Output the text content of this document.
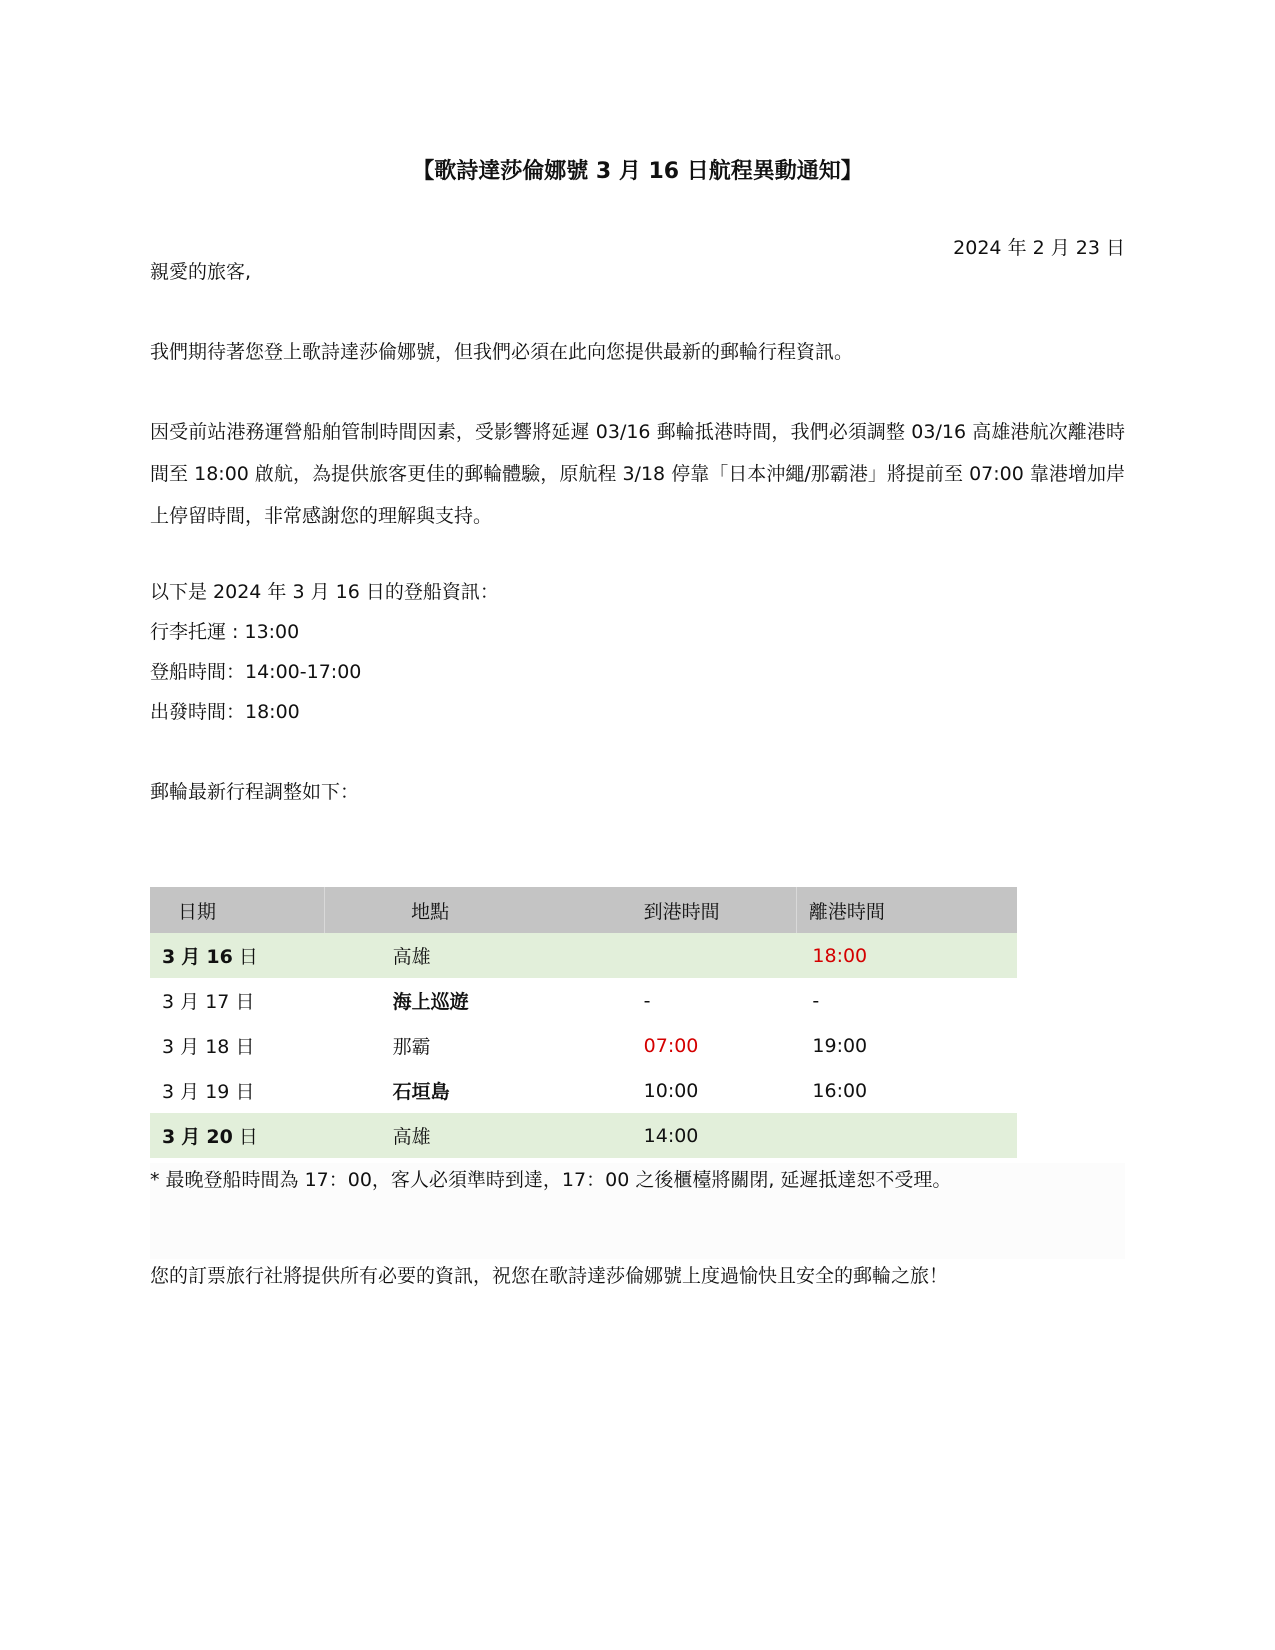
【歌詩達莎倫娜號 3 月 16 日航程異動通知】
2024 年 2 月 23 日
親愛的旅客,
我們期待著您登上歌詩達莎倫娜號，但我們必須在此向您提供最新的郵輪行程資訊。
因受前站港務運營船舶管制時間因素，受影響將延遲 03/16 郵輪抵港時間，我們必須調整 03/16 高雄港航次離港時間至 18:00 啟航，為提供旅客更佳的郵輪體驗，原航程 3/18 停靠「日本沖繩/那霸港」將提前至 07:00 靠港增加岸上停留時間，非常感謝您的理解與支持。
以下是 2024 年 3 月 16 日的登船資訊：
行李托運 : 13:00
登船時間：14:00-17:00
出發時間：18:00
郵輪最新行程調整如下：
日期	地點	到港時間	離港時間
3 月 16 日	高雄		18:00
3 月 17 日	海上巡遊	-	-
3 月 18 日	那霸	07:00	19:00
3 月 19 日	石垣島	10:00	16:00
3 月 20 日	高雄	14:00	
* 最晚登船時間為 17：00，客人必須準時到達，17：00 之後櫃檯將關閉, 延遲抵達恕不受理。
您的訂票旅行社將提供所有必要的資訊，祝您在歌詩達莎倫娜號上度過愉快且安全的郵輪之旅！
